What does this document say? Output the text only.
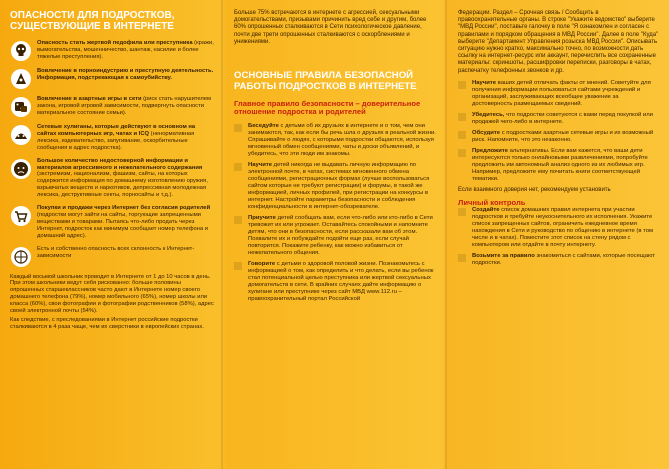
ОПАСНОСТИ ДЛЯ ПОДРОСТКОВ, СУЩЕСТВУЮЩИЕ В ИНТЕРНЕТЕ
Опасность стать жертвой педофила или преступника (кражи, вымогательства, мошенничество, шантаж, насилие и более тяжелые преступления).
Вовлечение в порноиндустрию и преступную деятельность. Информация, подстрекающая к самоубийству.
Вовлечение в азартные игры в сети (риск стать нарушителем закона, игровой игровой зависимости, подвергнуть опасности материальное состояние семьи).
Сетевые хулиганы, которые действуют в основном на сайтах компьютерных игр, чатах и ICQ (ненормативная лексика, издевательство, запугивание, оскорбительные сообщения в адрес подростка).
Большое количество недостоверной информации и материалов агрессивного и нежелательного содержания (экстремизм, национализм, фашизм, сайты, на которых содержится информация по домашнему изготовлению оружия, взрывчатых веществ и наркотиков, депрессивная молодежная лексика, деструктивные секты, порносайты и т.д.).
Покупки и продажи через Интернет без согласия родителей (подростки могут зайти на сайты, торгующие запрещенными веществами и товарами. Пытаясь что-либо продать через Интернет, подросток как минимум сообщает номер телефона и домашний адрес).
Есть и собственно опасность всех склонность к Интернет-зависимости
Каждый восьмой школьник проводит в Интернете от 1 до 10 часов в день. При этом школьники ведут себя рискованно: больше половины опрошенных старшеклассников часто дают в Интернете номер своего домашнего телефона (79%), номер мобильного (65%), номер школы или класса (60%), свои фотографии и фотографии родственников (58%), адрес своей электронной почты (54%).
Как следствие, с преследованиями в Интернет российские подростки сталкиваются в 4 раза чаще, чем их сверстники в европейских странах.
Больше 75% встречаются в интернете с агрессией, сексуальными домогательствами, призывами причинить вред себе и другим, более 60% опрошенных сталкиваются в Сети психологическое давление, почти две трети опрошенных сталкиваются с оскорблениями и унижениями.
ОСНОВНЫЕ ПРАВИЛА БЕЗОПАСНОЙ РАБОТЫ ПОДРОСТКОВ В ИНТЕРНЕТЕ
Главное правило безопасности – доверительное отношение подростка и родителей
Беседуйте с детьми об их друзьях в интернете и о том, чем они занимаются, так, как если бы речь шла о друзьях в реальной жизни. Спрашивайте о людях, с которыми подростки общаются, используя мгновенный обмен сообщениями, чаты и доски объявлений, и убедитесь, что эти люди им знакомы.
Научите детей никогда не выдавать личную информацию по электронной почте, в чатах, системах мгновенного обмена сообщениями, регистрационных формах (лучше воспользоваться сайтом которые не требуют регистрации) и форумы, в такой же информацией, личных профилей, при регистрации на конкурсы в интернет. Настройте параметры безопасности и соблюдения конфиденциальности в интернет-обозревателе.
Приучите детей сообщать вам, если что-либо или кто-либо в Сети тревожит их или угрожает. Оставайтесь спокойными и напомните детям, что они в безопасности, если рассказали вам об этом. Похвалите их и побуждайте подойти еще раз, если случай повторится. Покажите ребенку, как можно избавиться от нежелательного общения.
Говорите с детьми о здоровой половой жизни. Познакомьтесь с информацией о том, как определить и что делать, если вы ребенок стал потенциальной целью преступника или жертвой сексуальных домогательств в сети. В крайних случаях дайте информацию о хулигане или преступнике через сайт МВД www.112.ru – правоохранительный портал Российской
Федерации. Раздел – Срочная связь / Сообщить в правоохранительные органы. В строке "Укажите ведомство" выберите "МВД России", поставьте галочку в поле "Я ознакомлен и согласен с правилами и порядком обращения в МВД России". Далее в поле "Куда" выберите "Департамент Управления розыска МВД России". Описывать ситуацию нужно кратко, максимально точно, по возможности дать ссылку на интернет-ресурс или аккаунт, перечислить все сохраненные материалы: скриншоты, расшифровки переписки, разговоры в чатах, распечатку телефонных звонков и др.
Научите ваших детей отличать факты от мнений. Советуйте для получения информации пользоваться сайтами учреждений и организаций, заслуживающих всеобщее уважение за достоверность размещаемых сведений.
Убедитесь, что подростки советуются с вами перед покупкой или продажей чего-либо в интернете.
Обсудите с подростками азартные сетевые игры и их возможный риск. Напомните, что это незаконно.
Предложите альтернативы. Если вам кажется, что ваши дети интересуются только онлайновыми развлечениями, попробуйте предложить им автономный анализ одного из их любимых игр. Например, предложите ему почитать книги соответствующей тематики.
Если взаимного доверия нет, рекомендуем установить
Личный контроль
Создайте список домашних правил интернета при участии подростков и требуйте неукоснительного их исполнения. Укажите список запрещенных сайтов, ограничить ежедневное время нахождения в Сети и руководство по общению в интернете (в том числе и в чатах). Поместите этот список на стену рядом с компьютером или отдайте в почту интернету.
Возьмите за правило знакомиться с сайтами, которые посещают подростки.
